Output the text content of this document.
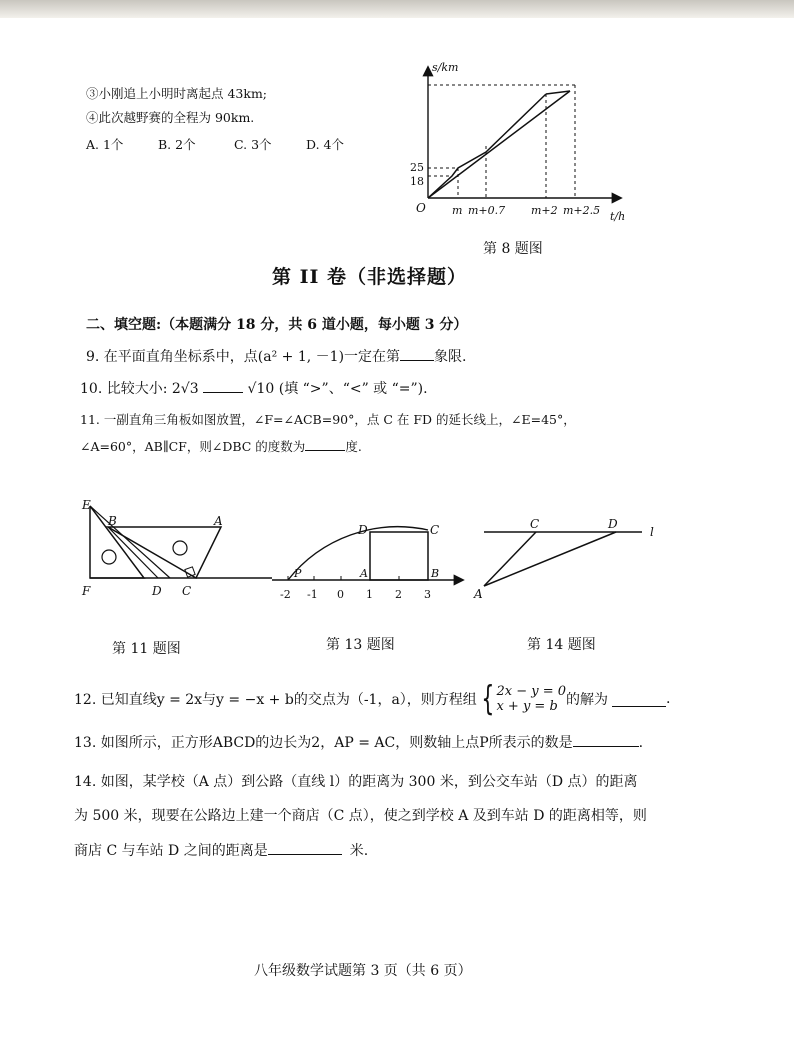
③小刚追上小明时离起点 43km;
④此次越野赛的全程为 90km.
A. 1个	B. 2个	C. 3个	D. 4个
s/km
t/h
O
25
18
m m+0.7 m+2 m+2.5
第 8 题图
第 II 卷（非选择题）
二、填空题:（本题满分 18 分，共 6 道小题，每小题 3 分）
9. 在平面直角坐标系中，点(a² + 1, －1)一定在第 象限.
10. 比较大小: 2√3	√10 (填 “>”、“<” 或 “=”).
11. 一副直角三角板如图放置，∠F=∠ACB=90°，点 C 在 FD 的延长线上，∠E=45°，
∠A=60°，AB∥CF，则∠DBC 的度数为	度.
E
B	A
F	D C
第 11 题图
D	C
P	A	B
-2 -1 0 1 2 3
第 13 题图
C	D
l
A
第 14 题图
12. 已知直线y = 2x与y = −x + b的交点为（-1，a），则方程组 { 2x − y = 0
x + y = b 的解为	.
13. 如图所示，正方形ABCD的边长为2，AP = AC，则数轴上点P所表示的数是	.
14. 如图，某学校（A 点）到公路（直线 l）的距离为 300 米，到公交车站（D 点）的距离
为 500 米，现要在公路边上建一个商店（C 点），使之到学校 A 及到车站 D 的距离相等，则
商店 C 与车站 D 之间的距离是	米.
八年级数学试题第 3 页（共 6 页）
